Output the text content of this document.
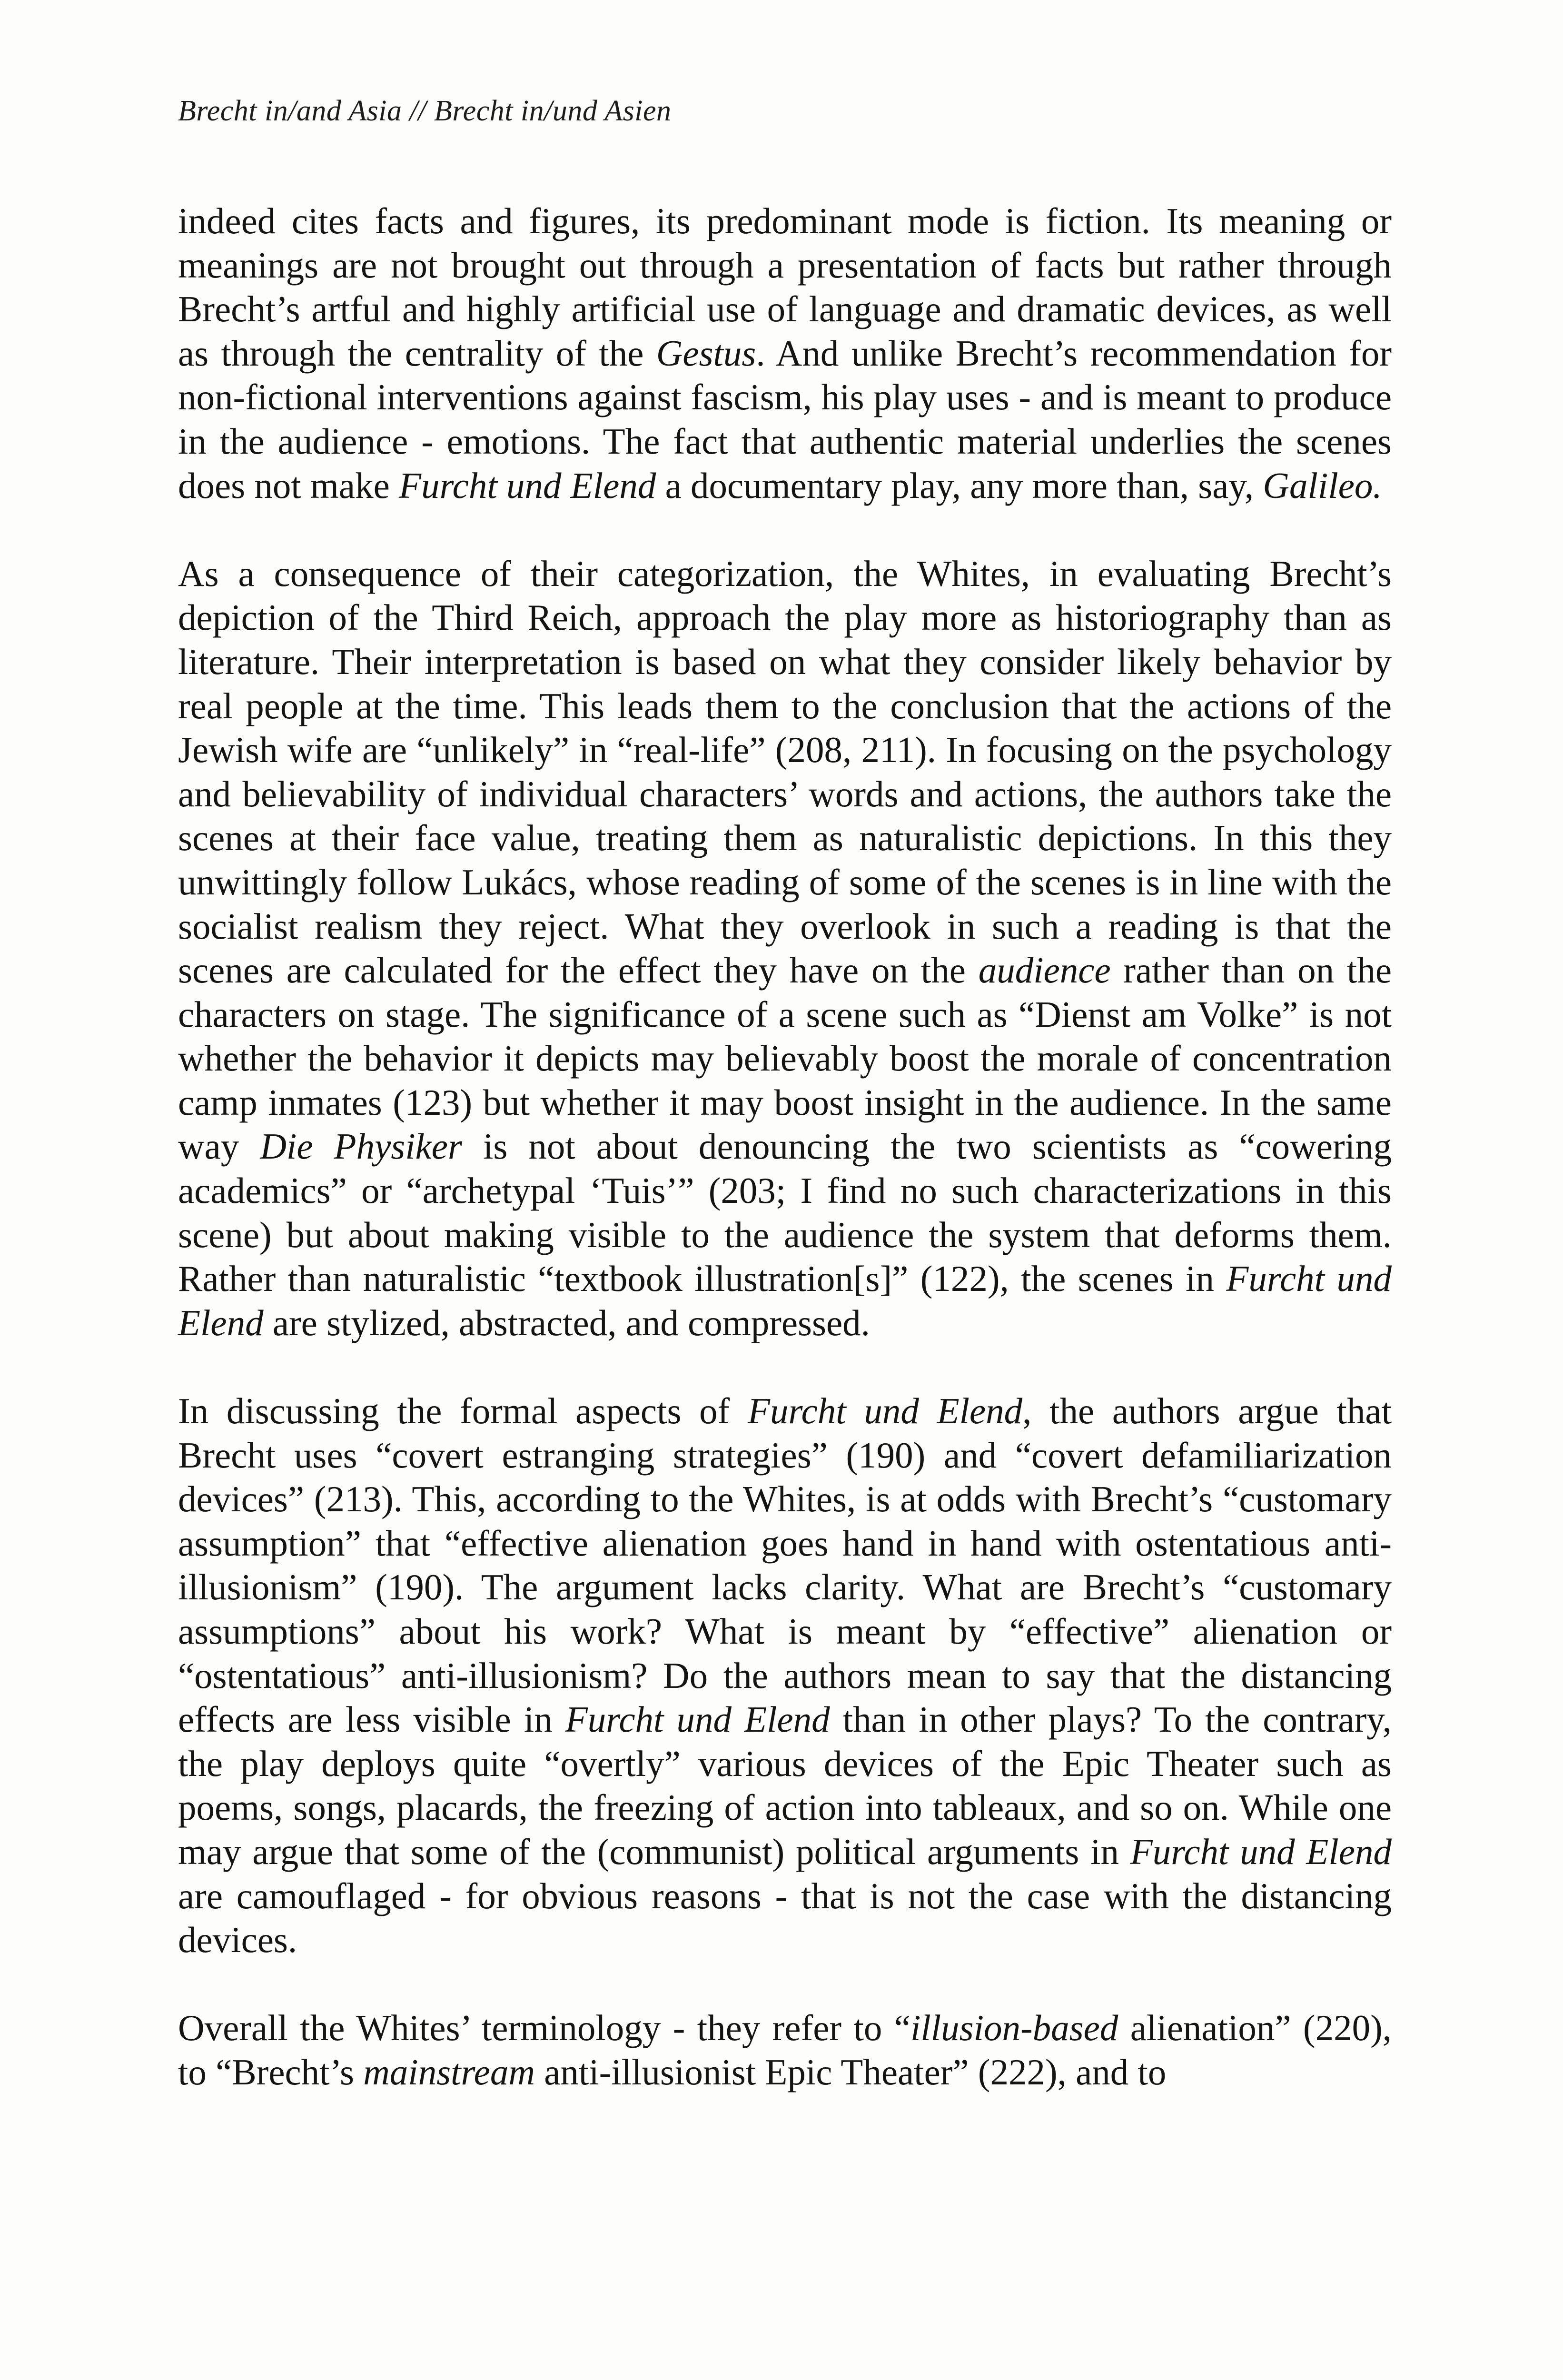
Brecht in/and Asia // Brecht in/und Asien

indeed cites facts and figures, its predominant mode is fiction. Its meaning or meanings are not brought out through a presentation of facts but rather through Brecht’s artful and highly artificial use of language and dramatic devices, as well as through the centrality of the Gestus. And unlike Brecht’s recommendation for non-fictional interventions against fascism, his play uses - and is meant to produce in the audience - emotions. The fact that authentic material underlies the scenes does not make Furcht und Elend a documentary play, any more than, say, Galileo.

As a consequence of their categorization, the Whites, in evaluating Brecht’s depiction of the Third Reich, approach the play more as historiography than as literature. Their interpretation is based on what they consider likely behavior by real people at the time. This leads them to the conclusion that the actions of the Jewish wife are “unlikely” in “real-life” (208, 211). In focusing on the psychology and believability of individual characters’ words and actions, the authors take the scenes at their face value, treating them as naturalistic depictions. In this they unwittingly follow Lukács, whose reading of some of the scenes is in line with the socialist realism they reject. What they overlook in such a reading is that the scenes are calculated for the effect they have on the audience rather than on the characters on stage. The significance of a scene such as “Dienst am Volke” is not whether the behavior it depicts may believably boost the morale of concentration camp inmates (123) but whether it may boost insight in the audience. In the same way Die Physiker is not about denouncing the two scientists as “cowering academics” or “archetypal ‘Tuis’” (203; I find no such characterizations in this scene) but about making visible to the audience the system that deforms them. Rather than naturalistic “textbook illustration[s]” (122), the scenes in Furcht und Elend are stylized, abstracted, and compressed.

In discussing the formal aspects of Furcht und Elend, the authors argue that Brecht uses “covert estranging strategies” (190) and “covert defamiliarization devices” (213). This, according to the Whites, is at odds with Brecht’s “customary assumption” that “effective alienation goes hand in hand with ostentatious anti-illusionism” (190). The argument lacks clarity. What are Brecht’s “customary assumptions” about his work? What is meant by “effective” alienation or “ostentatious” anti-illusionism? Do the authors mean to say that the distancing effects are less visible in Furcht und Elend than in other plays? To the contrary, the play deploys quite “overtly” various devices of the Epic Theater such as poems, songs, placards, the freezing of action into tableaux, and so on. While one may argue that some of the (communist) political arguments in Furcht und Elend are camouflaged - for obvious reasons - that is not the case with the distancing devices.

Overall the Whites’ terminology - they refer to “illusion-based alienation” (220), to “Brecht’s mainstream anti-illusionist Epic Theater” (222), and to
